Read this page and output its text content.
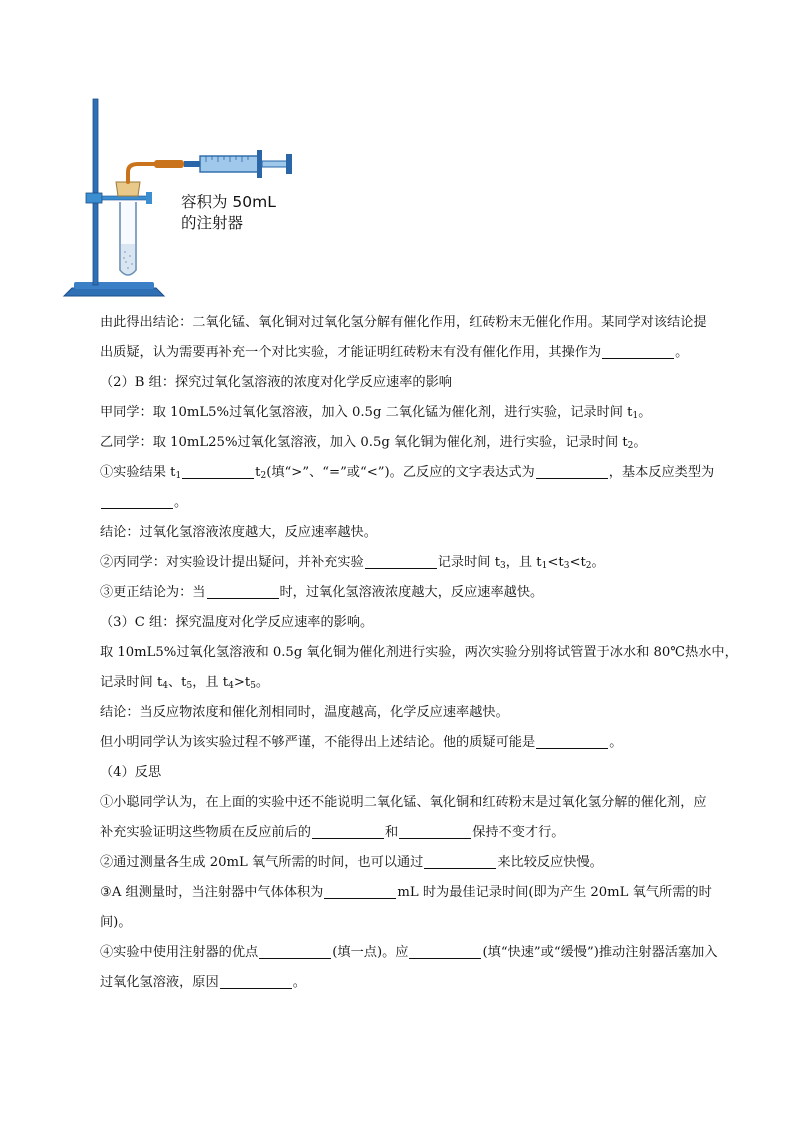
容积为 50mL
的注射器
由此得出结论：二氧化锰、氧化铜对过氧化氢分解有催化作用，红砖粉末无催化作用。某同学对该结论提
出质疑，认为需要再补充一个对比实验，才能证明红砖粉末有没有催化作用，其操作为	。
（2）B 组：探究过氧化氢溶液的浓度对化学反应速率的影响
甲同学：取 10mL5%过氧化氢溶液，加入 0.5g 二氧化锰为催化剂，进行实验，记录时间 $t_1$。
乙同学：取 10mL25%过氧化氢溶液，加入 0.5g 氧化铜为催化剂，进行实验，记录时间 $t_2$。
①实验结果 $t_1$	$t_2$(填“>”、“=”或“<”)。乙反应的文字表达式为	，基本反应类型为
。
结论：过氧化氢溶液浓度越大，反应速率越快。
②丙同学：对实验设计提出疑问，并补充实验	记录时间 $t_3$，且 $t_1<t_3<t_2$。
③更正结论为：当	时，过氧化氢溶液浓度越大，反应速率越快。
（3）C 组：探究温度对化学反应速率的影响。
取 10mL5%过氧化氢溶液和 0.5g 氧化铜为催化剂进行实验，两次实验分别将试管置于冰水和 80℃热水中，
记录时间 $t_4$、$t_5$，且 $t_4>t_5$。
结论：当反应物浓度和催化剂相同时，温度越高，化学反应速率越快。
但小明同学认为该实验过程不够严谨，不能得出上述结论。他的质疑可能是	。
（4）反思
①小聪同学认为，在上面的实验中还不能说明二氧化锰、氧化铜和红砖粉末是过氧化氢分解的催化剂，应
补充实验证明这些物质在反应前后的	和	保持不变才行。
②通过测量各生成 20mL 氧气所需的时间，也可以通过	来比较反应快慢。
③A 组测量时，当注射器中气体体积为	mL 时为最佳记录时间(即为产生 20mL 氧气所需的时
间)。
④实验中使用注射器的优点	(填一点)。应	(填“快速”或“缓慢”)推动注射器活塞加入
过氧化氢溶液，原因	。
